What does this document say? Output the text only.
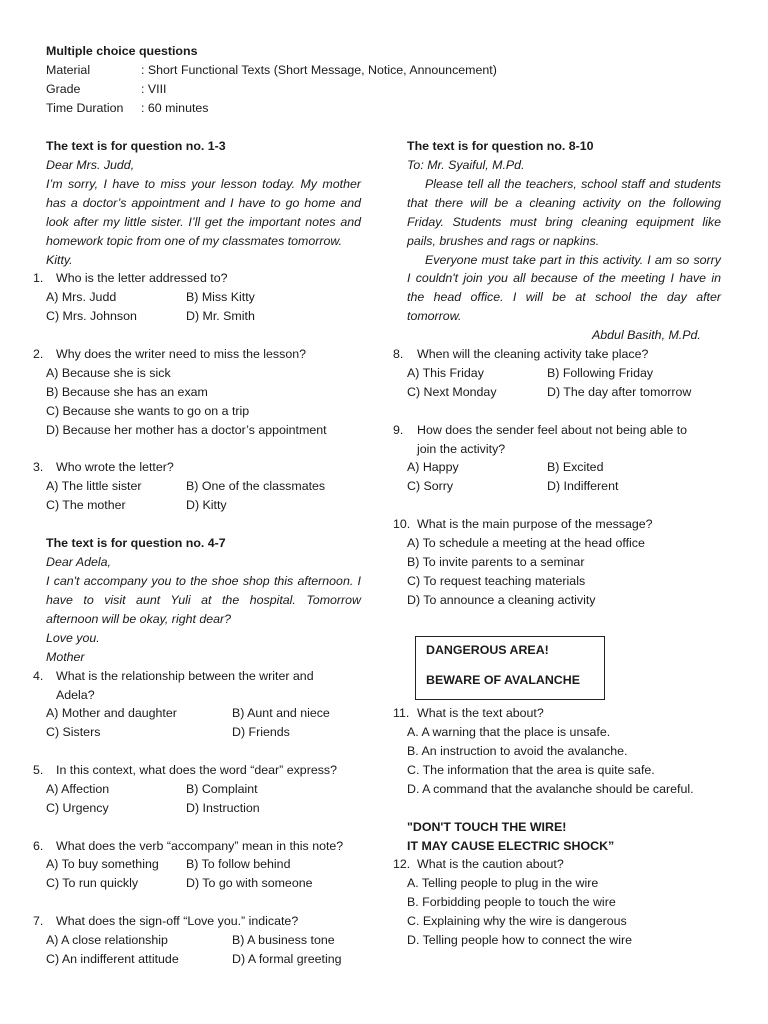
Multiple choice questions
Material	: Short Functional Texts (Short Message, Notice, Announcement)
Grade	: VIII
Time Duration : 60 minutes
The text is for question no. 1-3
Dear Mrs. Judd,
I’m sorry, I have to miss your lesson today. My mother
has a doctor’s appointment and I have to go home and
look after my little sister. I’ll get the important notes and
homework topic from one of my classmates tomorrow.
Kitty.
1. Who is the letter addressed to?
A) Mrs. Judd	B) Miss Kitty
C) Mrs. Johnson	D) Mr. Smith
2. Why does the writer need to miss the lesson?
A) Because she is sick
B) Because she has an exam
C) Because she wants to go on a trip
D) Because her mother has a doctor’s appointment
3. Who wrote the letter?
A) The little sister	B) One of the classmates
C) The mother	D) Kitty
The text is for question no. 4-7
Dear Adela,
I can't accompany you to the shoe shop this afternoon. I
have to visit aunt Yuli at the hospital. Tomorrow
afternoon will be okay, right dear?
Love you.
Mother
4. What is the relationship between the writer and
Adela?
A) Mother and daughter	B) Aunt and niece
C) Sisters	D) Friends
5. In this context, what does the word “dear” express?
A) Affection	B) Complaint
C) Urgency	D) Instruction
6. What does the verb “accompany” mean in this note?
A) To buy something B) To follow behind
C) To run quickly	D) To go with someone
7. What does the sign-off “Love you.” indicate?
A) A close relationship	B) A business tone
C) An indifferent attitude	D) A formal greeting
The text is for question no. 8-10
To: Mr. Syaiful, M.Pd.
Please tell all the teachers, school staff and students
that there will be a cleaning activity on the following
Friday. Students must bring cleaning equipment like
pails, brushes and rags or napkins.
Everyone must take part in this activity. I am so sorry
I couldn't join you all because of the meeting I have in
the head office. I will be at school the day after
tomorrow.
Abdul Basith, M.Pd.
8. When will the cleaning activity take place?
A) This Friday	B) Following Friday
C) Next Monday	D) The day after tomorrow
9. How does the sender feel about not being able to
join the activity?
A) Happy	B) Excited
C) Sorry	D) Indifferent
10. What is the main purpose of the message?
A) To schedule a meeting at the head office
B) To invite parents to a seminar
C) To request teaching materials
D) To announce a cleaning activity
DANGEROUS AREA!
BEWARE OF AVALANCHE
11. What is the text about?
A. A warning that the place is unsafe.
B. An instruction to avoid the avalanche.
C. The information that the area is quite safe.
D. A command that the avalanche should be careful.
"DON'T TOUCH THE WIRE!
IT MAY CAUSE ELECTRIC SHOCK”
12. What is the caution about?
A. Telling people to plug in the wire
B. Forbidding people to touch the wire
C. Explaining why the wire is dangerous
D. Telling people how to connect the wire
